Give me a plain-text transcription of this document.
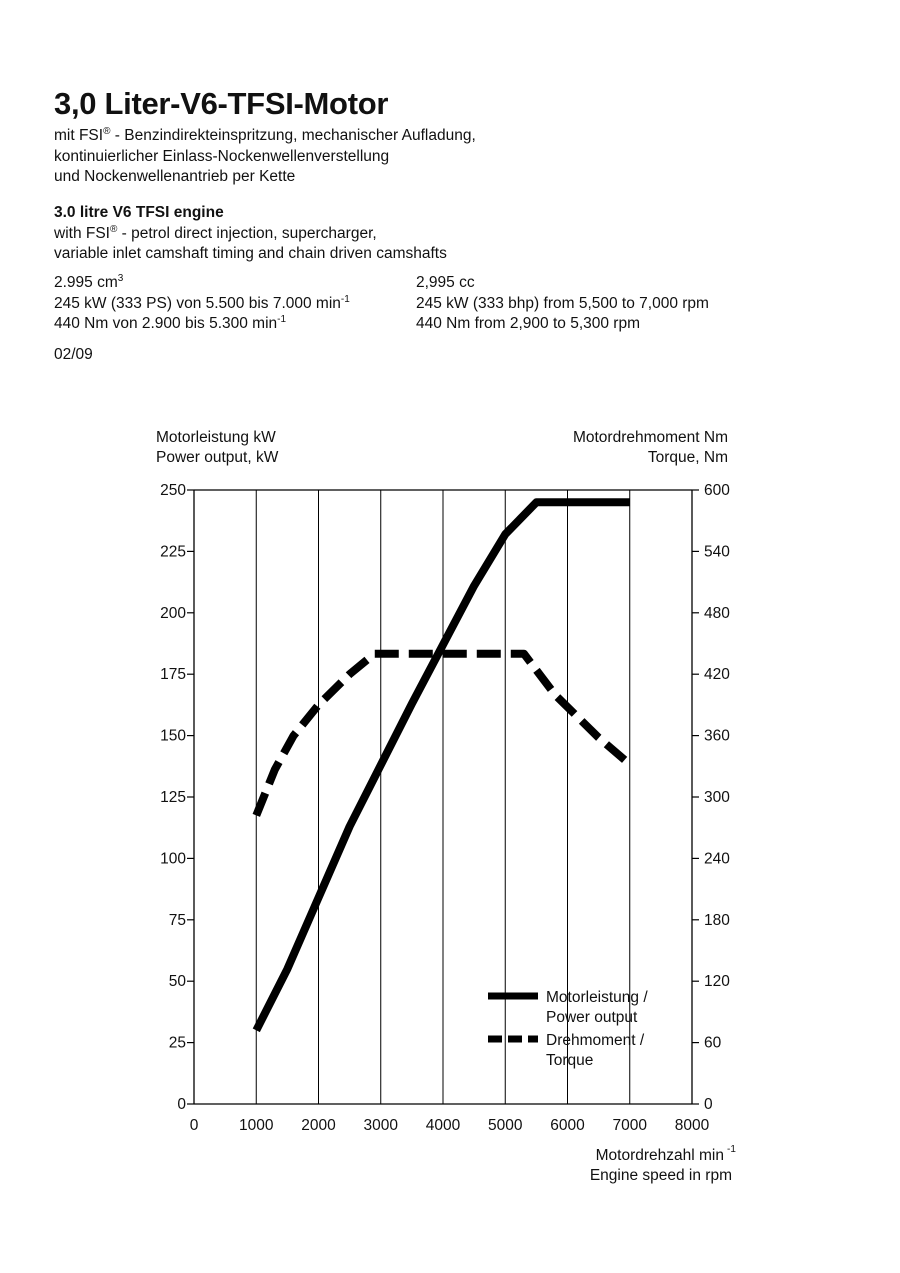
3,0 Liter-V6-TFSI-Motor
mit FSI® - Benzindirekteinspritzung, mechanischer Aufladung,
kontinuierlicher Einlass-Nockenwellenverstellung
und Nockenwellenantrieb per Kette
3.0 litre V6 TFSI engine
with FSI® - petrol direct injection, supercharger,
variable inlet camshaft timing and chain driven camshafts
2.995 $cm^3$
245 kW (333 PS) von 5.500 bis 7.000 $\min^{-1}$
440 Nm von 2.900 bis 5.300 $\min^{-1}$
2,995 cc
245 kW (333 bhp) from 5,500 to 7,000 rpm
440 Nm from 2,900 to 5,300 rpm
02/09
0
25
50
75
100
125
150
175
200
225
250
0
60
120
180
240
300
360
420
480
540
600
0	1000 2000 3000 4000 5000 6000 7000 8000
Motorleistung /
Power output
Drehmoment /
Torque
Motorleistung kW
Power output, kW
Motordrehmoment Nm
Torque, Nm
Motordrehzahl min -1
Engine speed in rpm
